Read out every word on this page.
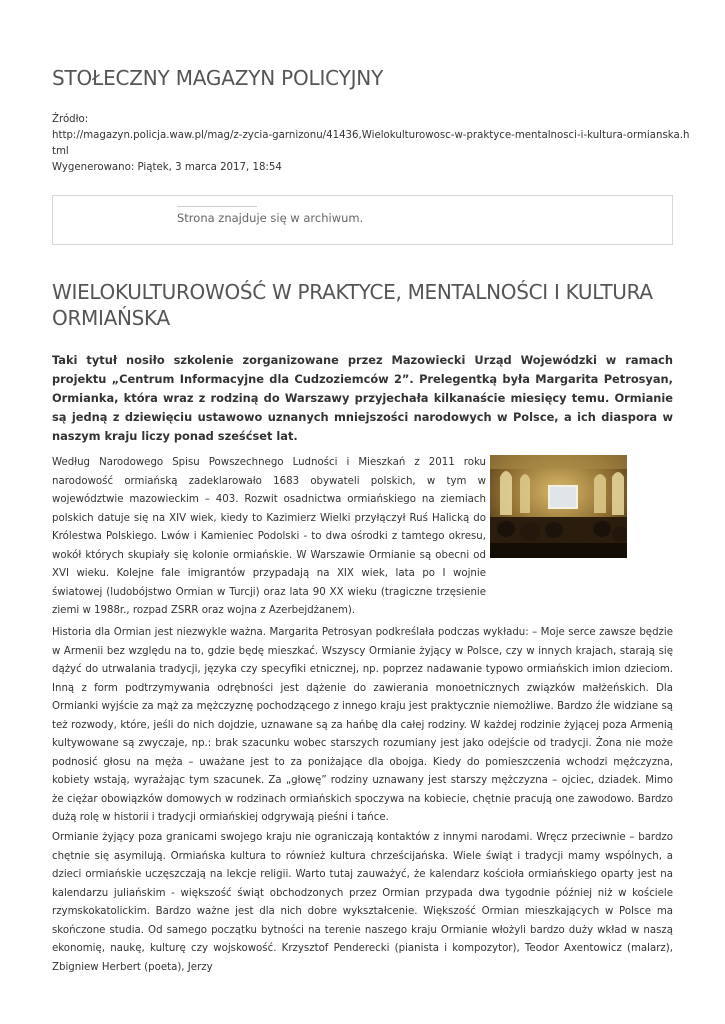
STOŁECZNY MAGAZYN POLICYJNY
Źródło:
http://magazyn.policja.waw.pl/mag/z-zycia-garnizonu/41436,Wielokulturowosc-w-praktyce-mentalnosci-i-kultura-ormianska.h
tml
Wygenerowano: Piątek, 3 marca 2017, 18:54
Strona znajduje się w archiwum.
WIELOKULTUROWOŚĆ W PRAKTYCE, MENTALNOŚCI I KULTURA ORMIAŃSKA

Taki tytuł nosiło szkolenie zorganizowane przez Mazowiecki Urząd Wojewódzki w ramach projektu „Centrum Informacyjne dla Cudzoziemców 2”. Prelegentką była Margarita Petrosyan, Ormianka, która wraz z rodziną do Warszawy przyjechała kilkanaście miesięcy temu. Ormianie są jedną z dziewięciu ustawowo uznanych mniejszości narodowych w Polsce, a ich diaspora w naszym kraju liczy ponad sześćset lat.

Według Narodowego Spisu Powszechnego Ludności i Mieszkań z 2011 roku narodowość ormiańską zadeklarowało 1683 obywateli polskich, w tym w województwie mazowieckim – 403. Rozwit osadnictwa ormiańskiego na ziemiach polskich datuje się na XIV wiek, kiedy to Kazimierz Wielki przyłączył Ruś Halicką do Królestwa Polskiego. Lwów i Kamieniec Podolski - to dwa ośrodki z tamtego okresu, wokół których skupiały się kolonie ormiańskie. W Warszawie Ormianie są obecni od XVI wieku. Kolejne fale imigrantów przypadają na XIX wiek, lata po I wojnie światowej (ludobójstwo Ormian w Turcji) oraz lata 90 XX wieku (tragiczne trzęsienie ziemi w 1988r., rozpad ZSRR oraz wojna z Azerbejdżanem).

Historia dla Ormian jest niezwykle ważna. Margarita Petrosyan podkreślała podczas wykładu: – Moje serce zawsze będzie w Armenii bez względu na to, gdzie będę mieszkać. Wszyscy Ormianie żyjący w Polsce, czy w innych krajach, starają się dążyć do utrwalania tradycji, języka czy specyfiki etnicznej, np. poprzez nadawanie typowo ormiańskich imion dzieciom. Inną z form podtrzymywania odrębności jest dążenie do zawierania monoetnicznych związków małżeńskich. Dla Ormianki wyjście za mąż za mężczyznę pochodzącego z innego kraju jest praktycznie niemożliwe. Bardzo źle widziane są też rozwody, które, jeśli do nich dojdzie, uznawane są za hańbę dla całej rodziny. W każdej rodzinie żyjącej poza Armenią kultywowane są zwyczaje, np.: brak szacunku wobec starszych rozumiany jest jako odejście od tradycji. Żona nie może podnosić głosu na męża – uważane jest to za poniżające dla obojga. Kiedy do pomieszczenia wchodzi mężczyzna, kobiety wstają, wyrażając tym szacunek. Za „głowę” rodziny uznawany jest starszy mężczyzna – ojciec, dziadek. Mimo że ciężar obowiązków domowych w rodzinach ormiańskich spoczywa na kobiecie, chętnie pracują one zawodowo. Bardzo dużą rolę w historii i tradycji ormiańskiej odgrywają pieśni i tańce.

Ormianie żyjący poza granicami swojego kraju nie ograniczają kontaktów z innymi narodami. Wręcz przeciwnie – bardzo chętnie się asymilują. Ormiańska kultura to również kultura chrześcijańska. Wiele świąt i tradycji mamy wspólnych, a dzieci ormiańskie uczęszczają na lekcje religii. Warto tutaj zauważyć, że kalendarz kościoła ormiańskiego oparty jest na kalendarzu juliańskim - większość świąt obchodzonych przez Ormian przypada dwa tygodnie później niż w kościele rzymskokatolickim. Bardzo ważne jest dla nich dobre wykształcenie. Większość Ormian mieszkających w Polsce ma skończone studia. Od samego początku bytności na terenie naszego kraju Ormianie włożyli bardzo duży wkład w naszą ekonomię, naukę, kulturę czy wojskowość. Krzysztof Penderecki (pianista i kompozytor), Teodor Axentowicz (malarz), Zbigniew Herbert (poeta), Jerzy
